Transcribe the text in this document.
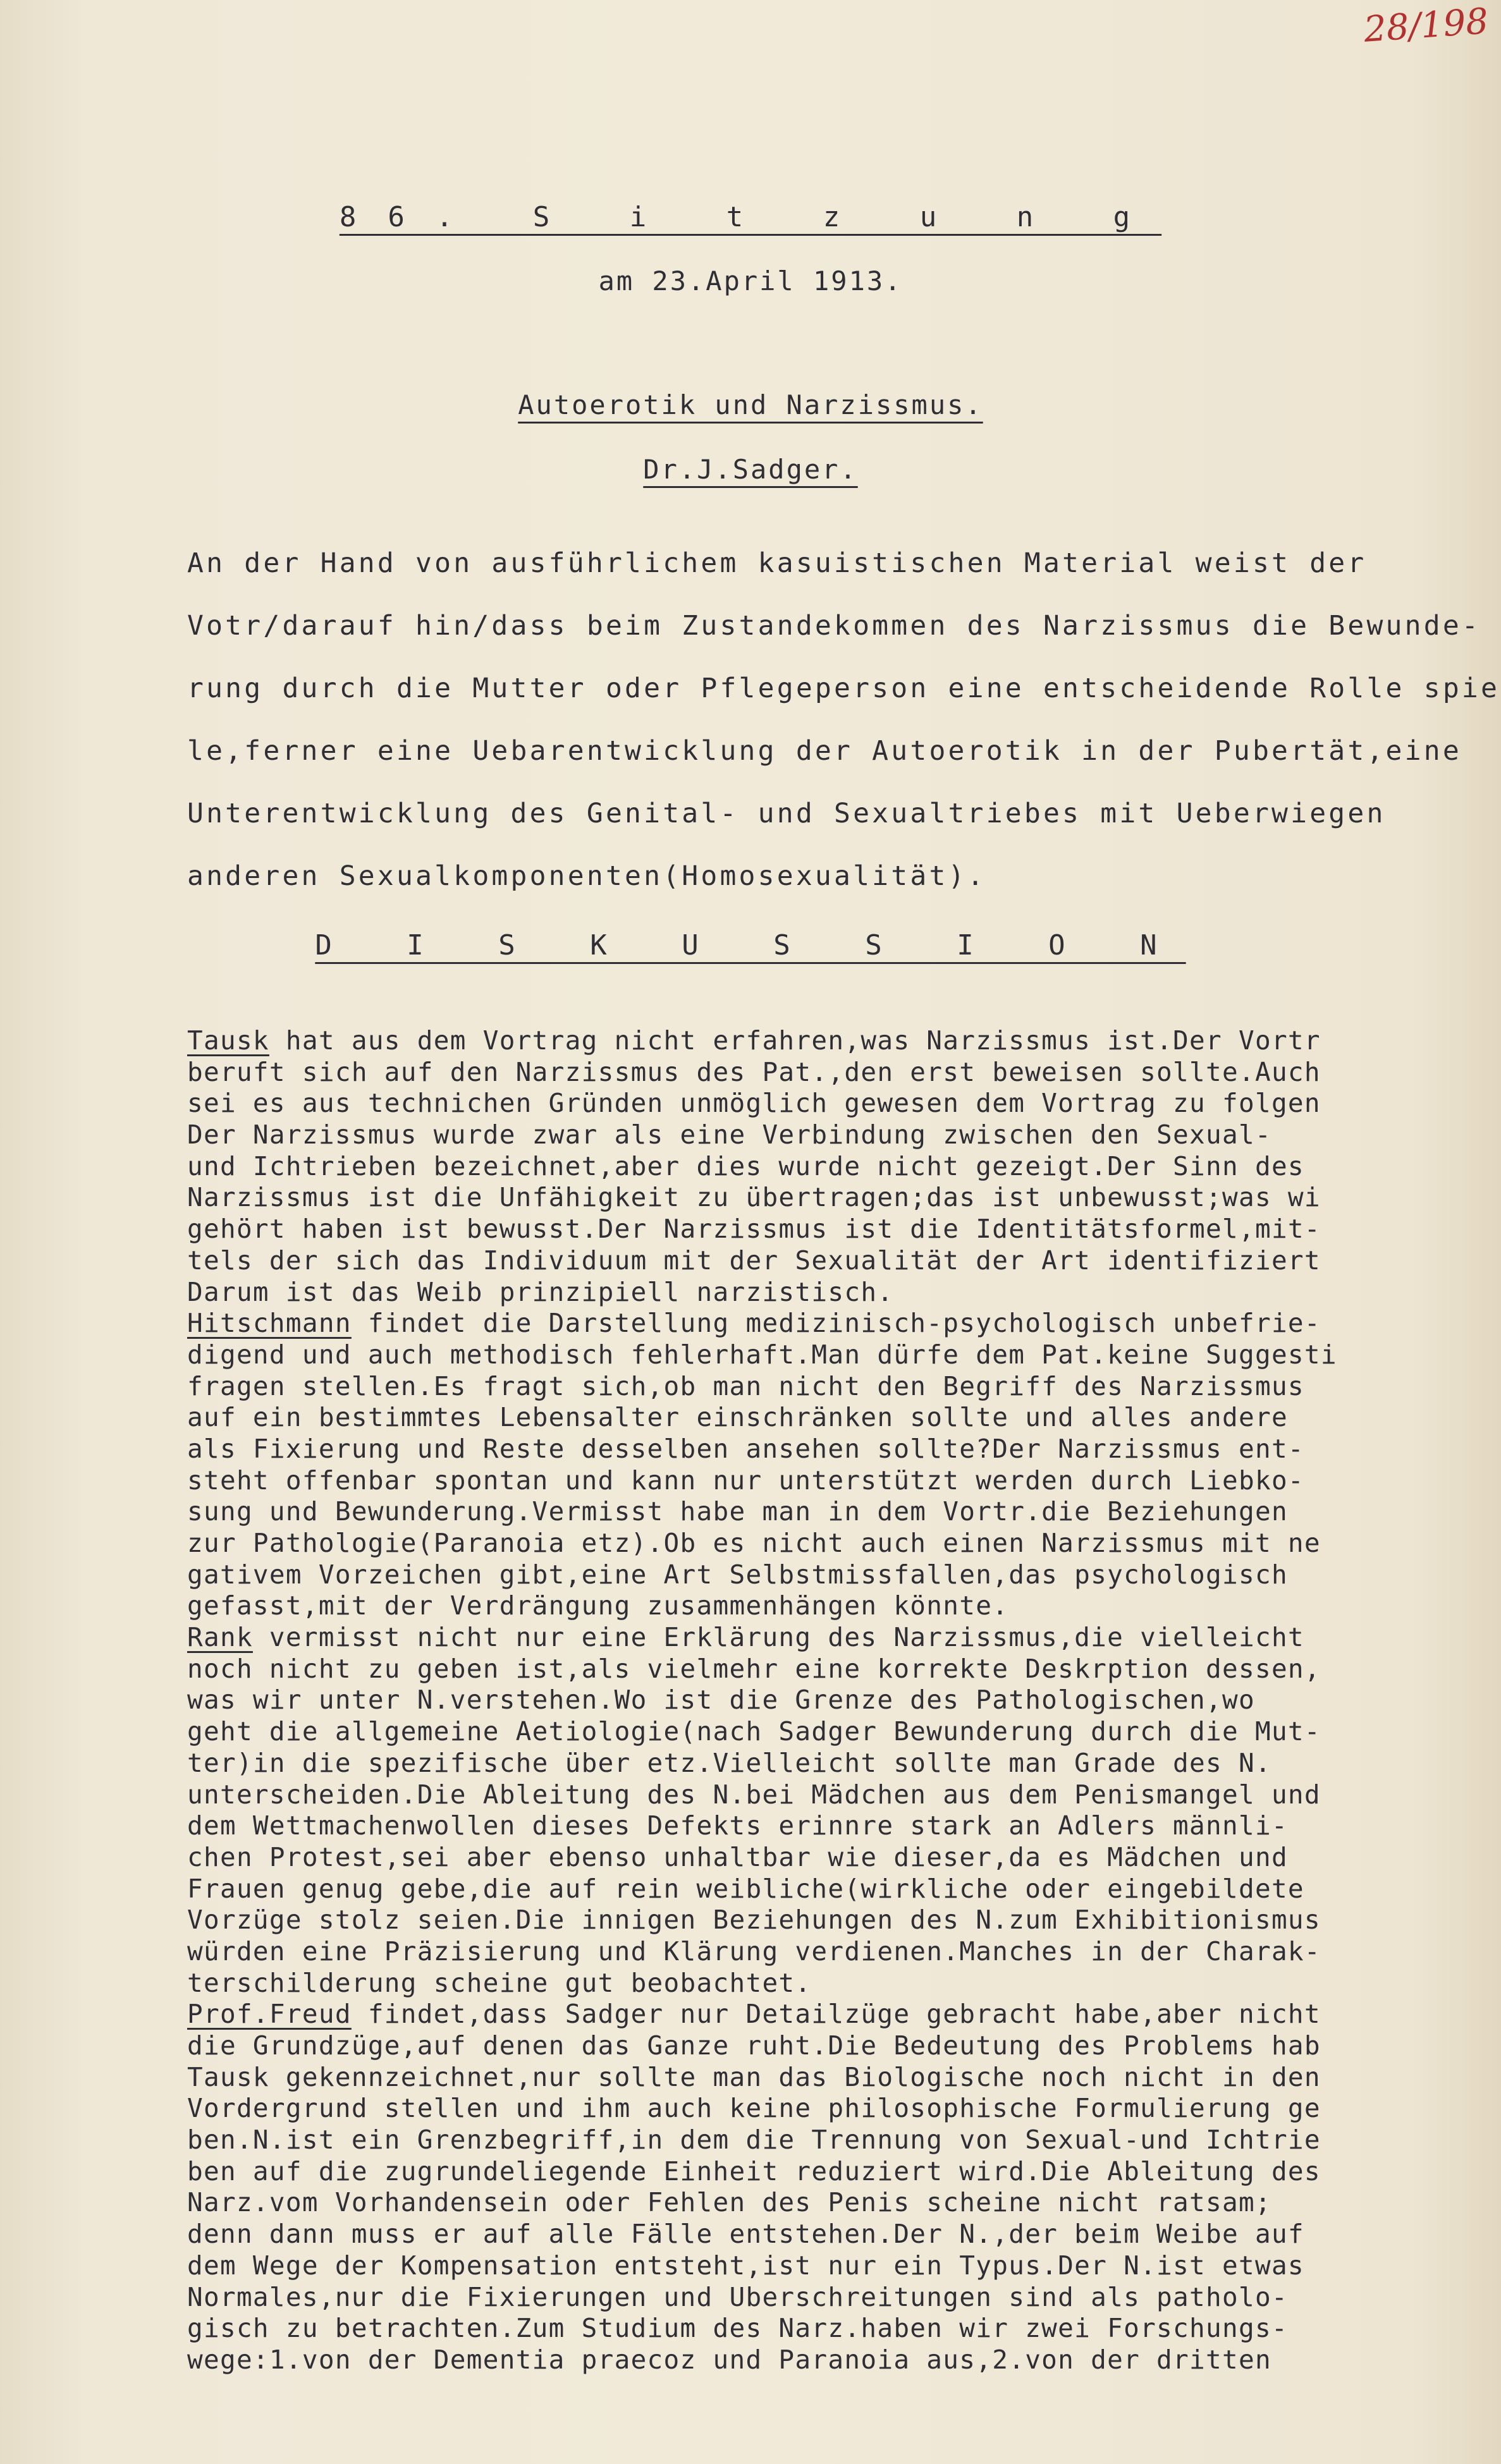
28/198
86. S i t z u n g
am 23.April 1913.
Autoerotik und Narzissmus.
Dr.J.Sadger.
An der Hand von ausführlichem kasuistischen Material weist der
Votr/darauf hin/dass beim Zustandekommen des Narzissmus die Bewunde-
rung durch die Mutter oder Pflegeperson eine entscheidende Rolle spie
le,ferner eine Uebarentwicklung der Autoerotik in der Pubertät,eine
Unterentwicklung des Genital- und Sexualtriebes mit Ueberwiegen
anderen Sexualkomponenten(Homosexualität).
D I S K U S S I O N
Tausk hat aus dem Vortrag nicht erfahren,was Narzissmus ist.Der Vortr
beruft sich auf den Narzissmus des Pat.,den erst beweisen sollte.Auch
sei es aus technichen Gründen unmöglich gewesen dem Vortrag zu folgen
Der Narzissmus wurde zwar als eine Verbindung zwischen den Sexual-
und Ichtrieben bezeichnet,aber dies wurde nicht gezeigt.Der Sinn des
Narzissmus ist die Unfähigkeit zu übertragen;das ist unbewusst;was wi
gehört haben ist bewusst.Der Narzissmus ist die Identitätsformel,mit-
tels der sich das Individuum mit der Sexualität der Art identifiziert
Darum ist das Weib prinzipiell narzistisch.
Hitschmann findet die Darstellung medizinisch-psychologisch unbefrie-
digend und auch methodisch fehlerhaft.Man dürfe dem Pat.keine Suggesti
fragen stellen.Es fragt sich,ob man nicht den Begriff des Narzissmus
auf ein bestimmtes Lebensalter einschränken sollte und alles andere
als Fixierung und Reste desselben ansehen sollte?Der Narzissmus ent-
steht offenbar spontan und kann nur unterstützt werden durch Liebko-
sung und Bewunderung.Vermisst habe man in dem Vortr.die Beziehungen
zur Pathologie(Paranoia etz).Ob es nicht auch einen Narzissmus mit ne
gativem Vorzeichen gibt,eine Art Selbstmissfallen,das psychologisch
gefasst,mit der Verdrängung zusammenhängen könnte.
Rank vermisst nicht nur eine Erklärung des Narzissmus,die vielleicht
noch nicht zu geben ist,als vielmehr eine korrekte Deskrption dessen,
was wir unter N.verstehen.Wo ist die Grenze des Pathologischen,wo
geht die allgemeine Aetiologie(nach Sadger Bewunderung durch die Mut-
ter)in die spezifische über etz.Vielleicht sollte man Grade des N.
unterscheiden.Die Ableitung des N.bei Mädchen aus dem Penismangel und
dem Wettmachenwollen dieses Defekts erinnre stark an Adlers männli-
chen Protest,sei aber ebenso unhaltbar wie dieser,da es Mädchen und
Frauen genug gebe,die auf rein weibliche(wirkliche oder eingebildete
Vorzüge stolz seien.Die innigen Beziehungen des N.zum Exhibitionismus
würden eine Präzisierung und Klärung verdienen.Manches in der Charak-
terschilderung scheine gut beobachtet.
Prof.Freud findet,dass Sadger nur Detailzüge gebracht habe,aber nicht
die Grundzüge,auf denen das Ganze ruht.Die Bedeutung des Problems hab
Tausk gekennzeichnet,nur sollte man das Biologische noch nicht in den
Vordergrund stellen und ihm auch keine philosophische Formulierung ge
ben.N.ist ein Grenzbegriff,in dem die Trennung von Sexual-und Ichtrie
ben auf die zugrundeliegende Einheit reduziert wird.Die Ableitung des
Narz.vom Vorhandensein oder Fehlen des Penis scheine nicht ratsam;
denn dann muss er auf alle Fälle entstehen.Der N.,der beim Weibe auf
dem Wege der Kompensation entsteht,ist nur ein Typus.Der N.ist etwas
Normales,nur die Fixierungen und Uberschreitungen sind als patholo-
gisch zu betrachten.Zum Studium des Narz.haben wir zwei Forschungs-
wege:1.von der Dementia praecoz und Paranoia aus,2.von der dritten
